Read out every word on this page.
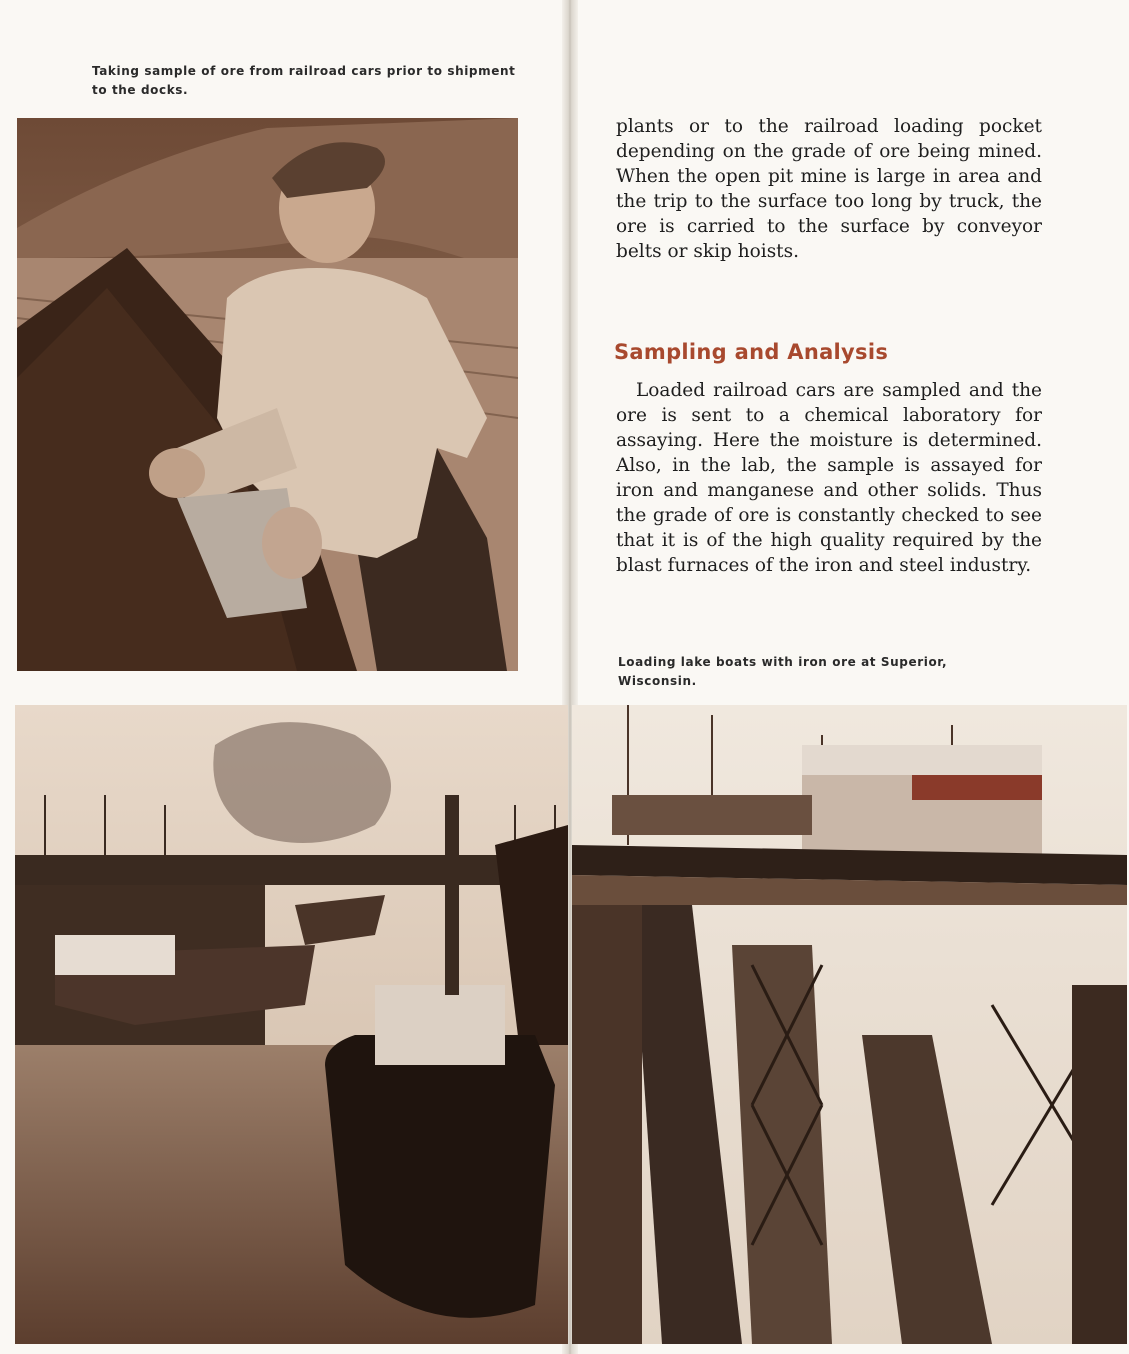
Taking sample of ore from railroad cars prior to shipment to the docks.

plants or to the railroad loading pocket depending on the grade of ore being mined. When the open pit mine is large in area and the trip to the surface too long by truck, the ore is carried to the surface by conveyor belts or skip hoists.

Sampling and Analysis

Loaded railroad cars are sampled and the ore is sent to a chemical laboratory for assaying. Here the moisture is determined. Also, in the lab, the sample is assayed for iron and manganese and other solids. Thus the grade of ore is constantly checked to see that it is of the high quality required by the blast furnaces of the iron and steel industry.

Loading lake boats with iron ore at Superior, Wisconsin.
